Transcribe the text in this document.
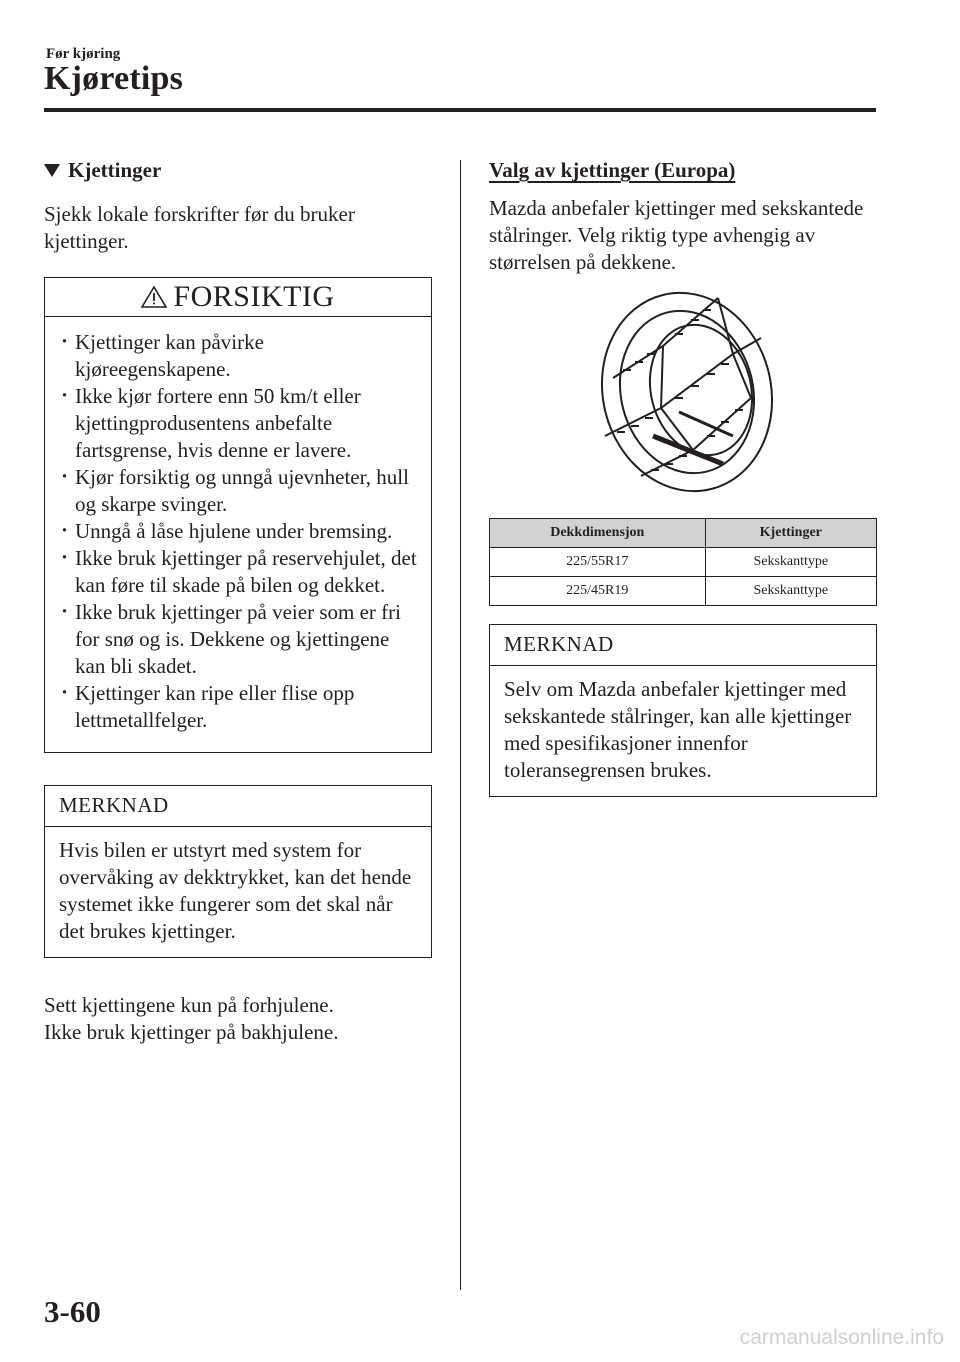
Før kjøring
Kjøretips
Kjettinger

Sjekk lokale forskrifter før du bruker kjettinger.

FORSIKTIG
· Kjettinger kan påvirke kjøreegenskapene.
· Ikke kjør fortere enn 50 km/t eller kjettingprodusentens anbefalte fartsgrense, hvis denne er lavere.
· Kjør forsiktig og unngå ujevnheter, hull og skarpe svinger.
· Unngå å låse hjulene under bremsing.
· Ikke bruk kjettinger på reservehjulet, det kan føre til skade på bilen og dekket.
· Ikke bruk kjettinger på veier som er fri for snø og is. Dekkene og kjettingene kan bli skadet.
· Kjettinger kan ripe eller flise opp lettmetallfelger.
MERKNAD
Hvis bilen er utstyrt med system for overvåking av dekktrykket, kan det hende systemet ikke fungerer som det skal når det brukes kjettinger.

Sett kjettingene kun på forhjulene.

Ikke bruk kjettinger på bakhjulene.

Valg av kjettinger (Europa)

Mazda anbefaler kjettinger med sekskantede stålringer. Velg riktig type avhengig av størrelsen på dekkene.

Dekkdimensjon	Kjettinger
225/55R17	Sekskanttype
225/45R19	Sekskanttype
MERKNAD
Selv om Mazda anbefaler kjettinger med sekskantede stålringer, kan alle kjettinger med spesifikasjoner innenfor toleransegrensen brukes.
3-60
carmanualsonline.info
